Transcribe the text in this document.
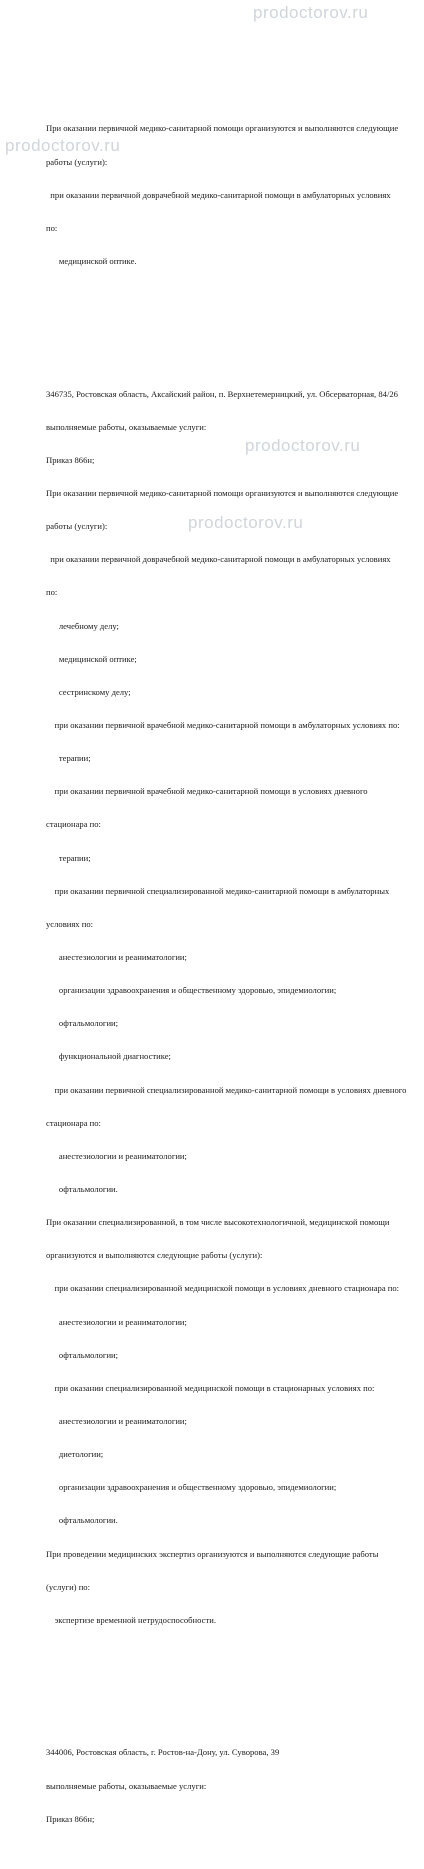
При оказании первичной медико-санитарной помощи организуются и выполняются следующие

работы (услуги):

при оказании первичной доврачебной медико-санитарной помощи в амбулаторных условиях

по:

медицинской оптике.

346735, Ростовская область, Аксайский район, п. Верхнетемерницкий, ул. Обсерваторная, 84/26

выполняемые работы, оказываемые услуги:

Приказ 866н;

При оказании первичной медико-санитарной помощи организуются и выполняются следующие

работы (услуги):

при оказании первичной доврачебной медико-санитарной помощи в амбулаторных условиях

по:

лечебному делу;

медицинской оптике;

сестринскому делу;

при оказании первичной врачебной медико-санитарной помощи в амбулаторных условиях по:

терапии;

при оказании первичной врачебной медико-санитарной помощи в условиях дневного

стационара по:

терапии;

при оказании первичной специализированной медико-санитарной помощи в амбулаторных

условиях по:

анестезиологии и реаниматологии;

организации здравоохранения и общественному здоровью, эпидемиологии;

офтальмологии;

функциональной диагностике;

при оказании первичной специализированной медико-санитарной помощи в условиях дневного

стационара по:

анестезиологии и реаниматологии;

офтальмологии.

При оказании специализированной, в том числе высокотехнологичной, медицинской помощи

организуются и выполняются следующие работы (услуги):

при оказании специализированной медицинской помощи в условиях дневного стационара по:

анестезиологии и реаниматологии;

офтальмологии;

при оказании специализированной медицинской помощи в стационарных условиях по:

анестезиологии и реаниматологии;

диетологии;

организации здравоохранения и общественному здоровью, эпидемиологии;

офтальмологии.

При проведении медицинских экспертиз организуются и выполняются следующие работы

(услуги) по:

экспертизе временной нетрудоспособности.

344006, Ростовская область, г. Ростов-на-Дону, ул. Суворова, 39

выполняемые работы, оказываемые услуги:

Приказ 866н;

prodoctorov.ru
prodoctorov.ru
prodoctorov.ru
prodoctorov.ru
